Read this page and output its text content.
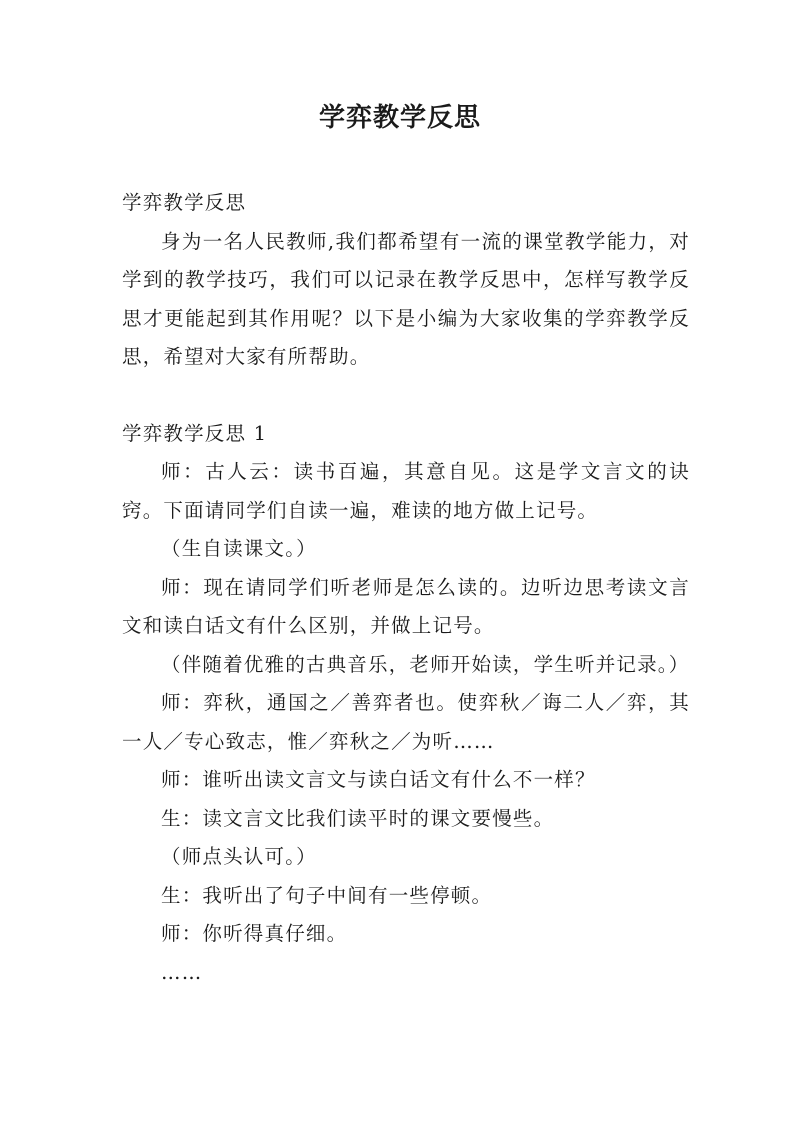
学弈教学反思

学弈教学反思

身为一名人民教师,我们都希望有一流的课堂教学能力，对学到的教学技巧，我们可以记录在教学反思中，怎样写教学反思才更能起到其作用呢？以下是小编为大家收集的学弈教学反思，希望对大家有所帮助。

学弈教学反思 1

师：古人云：读书百遍，其意自见。这是学文言文的诀窍。下面请同学们自读一遍，难读的地方做上记号。

（生自读课文。）

师：现在请同学们听老师是怎么读的。边听边思考读文言文和读白话文有什么区别，并做上记号。

（伴随着优雅的古典音乐，老师开始读，学生听并记录。）

师：弈秋，通国之／善弈者也。使弈秋／诲二人／弈，其一人／专心致志，惟／弈秋之／为听……

师：谁听出读文言文与读白话文有什么不一样？

生：读文言文比我们读平时的课文要慢些。

（师点头认可。）

生：我听出了句子中间有一些停顿。

师：你听得真仔细。

……
